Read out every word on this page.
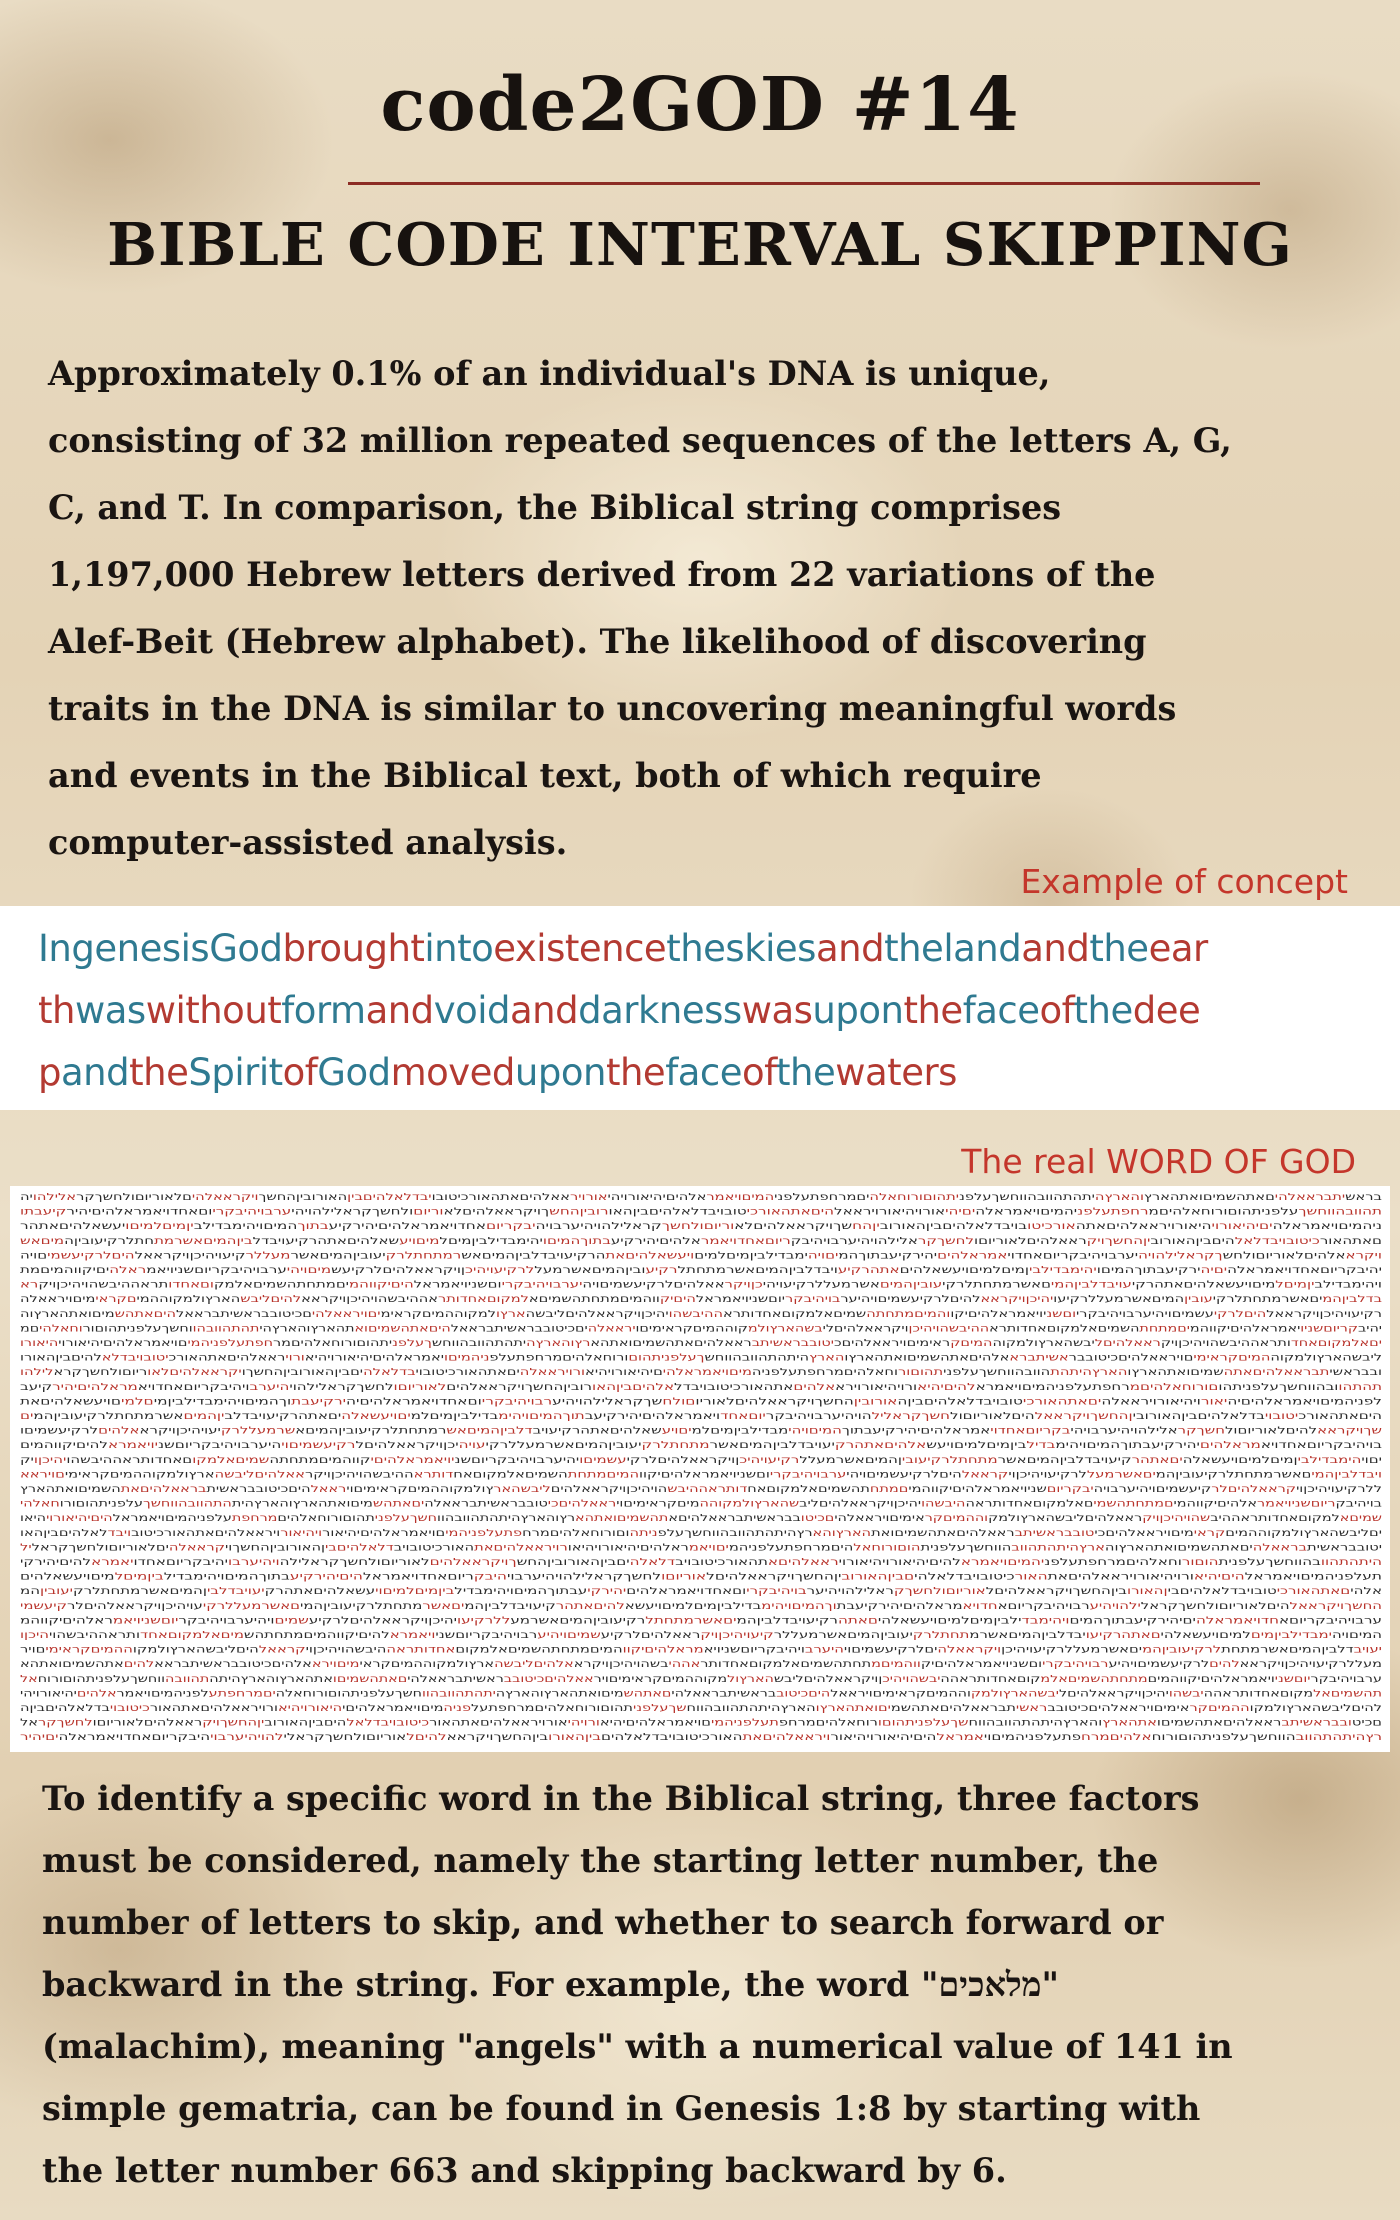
code2GOD #14
BIBLE CODE INTERVAL SKIPPING

Approximately 0.1% of an individual's DNA is unique,
consisting of 32 million repeated sequences of the letters A, G,
C, and T. In comparison, the Biblical string comprises
1,197,000 Hebrew letters derived from 22 variations of the
Alef-Beit (Hebrew alphabet). The likelihood of discovering
traits in the DNA is similar to uncovering meaningful words
and events in the Biblical text, both of which require
computer-assisted analysis.

Example of concept

IngenesisGodbroughtintoexistencetheskiesandthelandandtheear
thwaswithoutformandvoidanddarknesswasuponthefaceofthedee
pandtheSpiritofGodmoveduponthefaceofthewaters

The real WORD OF GOD

בראשיתבראאלהיםאתהשמיםואתהארץוהארץהיתהתהוובהווחשךעלפניתהוםורוחאלהיםמרחפתעלפניהמיםויאמראלהיםיהיאורויהיאורויראאלהיםאתהאורכיטובויבדלאלהיםביןהאורוביןהחשךויקראאלהיםלאוריוםולחשךקראלילהויה
תהוובהווחשךעלפניתהוםורוחאלהיםמרחפתעלפניהמיםויאמראלהיםיהיאורויהיאורויראאלהיםאתהאורכיטובויבדלאלהיםביןהאורוביןהחשךויקראאלהיםלאוריוםולחשךקראלילהויהיערבויהיבקריוםאחדויאמראלהיםיהירקיעבתו
ניהמיםויאמראלהיםיהיאורויהיאורויראאלהיםאתהאורכיטובויבדלאלהיםביןהאורוביןהחשךויקראאלהיםלאוריוםולחשךקראלילהויהיערבויהיבקריוםאחדויאמראלהיםיהירקיעבתוךהמיםויהימבדילביןמיםלמיםויעשאלהיםאתהר
םאתהאורכיטובויבדלאלהיםביןהאורוביןהחשךויקראאלהיםלאוריוםולחשךקראלילהויהיערבויהיבקריוםאחדויאמראלהיםיהירקיעבתוךהמיםויהימבדילביןמיםלמיםויעשאלהיםאתהרקיעויבדלביןהמיםאשרמתחתלרקיעוביןהמיםאש
ויקראאלהיםלאוריוםולחשךקראלילהויהיערבויהיבקריוםאחדויאמראלהיםיהירקיעבתוךהמיםויהימבדילביןמיםלמיםויעשאלהיםאתהרקיעויבדלביןהמיםאשרמתחתלרקיעוביןהמיםאשרמעללרקיעויהיכןויקראאלהיםלרקיעשמיםויה
יהיבקריוםאחדויאמראלהיםיהירקיעבתוךהמיםויהימבדילביןמיםלמיםויעשאלהיםאתהרקיעויבדלביןהמיםאשרמתחתלרקיעוביןהמיםאשרמעללרקיעויהיכןויקראאלהיםלרקיעשמיםויהיערבויהיבקריוםשניויאמראלהיםיקווהמיםמת
ויהימבדילביןמיםלמיםויעשאלהיםאתהרקיעויבדלביןהמיםאשרמתחתלרקיעוביןהמיםאשרמעללרקיעויהיכןויקראאלהיםלרקיעשמיםויהיערבויהיבקריוםשניויאמראלהיםיקווהמיםמתחתהשמיםאלמקוםאחדותראההיבשהויהיכןויקרא
בדלביןהמיםאשרמתחתלרקיעוביןהמיםאשרמעללרקיעויהיכןויקראאלהיםלרקיעשמיםויהיערבויהיבקריוםשניויאמראלהיםיקווהמיםמתחתהשמיםאלמקוםאחדותראההיבשהויהיכןויקראאלהיםליבשהארץולמקוההמיםקראימיםויראאלה
רקיעויהיכןויקראאלהיםלרקיעשמיםויהיערבויהיבקריוםשניויאמראלהיםיקווהמיםמתחתהשמיםאלמקוםאחדותראההיבשהויהיכןויקראאלהיםליבשהארץולמקוההמיםקראימיםויראאלהיםכיטובבראשיתבראאלהיםאתהשמיםואתהארץוה
יהיבקריוםשניויאמראלהיםיקווהמיםמתחתהשמיםאלמקוםאחדותראההיבשהויהיכןויקראאלהיםליבשהארץולמקוההמיםקראימיםויראאלהיםכיטובבראשיתבראאלהיםאתהשמיםואתהארץוהארץהיתהתהוובהווחשךעלפניתהוםורוחאלהיםמ
יםאלמקוםאחדותראההיבשהויהיכןויקראאלהיםליבשהארץולמקוההמיםקראימיםויראאלהיםכיטובבראשיתבראאלהיםאתהשמיםואתהארץוהארץהיתהתהוובהווחשךעלפניתהוםורוחאלהיםמרחפתעלפניהמיםויאמראלהיםיהיאורויהיאורו
ליבשהארץולמקוההמיםקראימיםויראאלהיםכיטובבראשיתבראאלהיםאתהשמיםואתהארץוהארץהיתהתהוובהווחשךעלפניתהוםורוחאלהיםמרחפתעלפניהמיםויאמראלהיםיהיאורויהיאורויראאלהיםאתהאורכיטובויבדלאלהיםביןהאורו
ובבראשיתבראאלהיםאתהשמיםואתהארץוהארץהיתהתהוובהווחשךעלפניתהוםורוחאלהיםמרחפתעלפניהמיםויאמראלהיםיהיאורויהיאורויראאלהיםאתהאורכיטובויבדלאלהיםביןהאורוביןהחשךויקראאלהיםלאוריוםולחשךקראלילהו
תהתהוובהווחשךעלפניתהוםורוחאלהיםמרחפתעלפניהמיםויאמראלהיםיהיאורויהיאורויראאלהיםאתהאורכיטובויבדלאלהיםביןהאורוביןהחשךויקראאלהיםלאוריוםולחשךקראלילהויהיערבויהיבקריוםאחדויאמראלהיםיהירקיעב
לפניהמיםויאמראלהיםיהיאורויהיאורויראאלהיםאתהאורכיטובויבדלאלהיםביןהאורוביןהחשךויקראאלהיםלאוריוםולחשךקראלילהויהיערבויהיבקריוםאחדויאמראלהיםיהירקיעבתוךהמיםויהימבדילביןמיםלמיםויעשאלהיםאת
היםאתהאורכיטובויבדלאלהיםביןהאורוביןהחשךויקראאלהיםלאוריוםולחשךקראלילהויהיערבויהיבקריוםאחדויאמראלהיםיהירקיעבתוךהמיםויהימבדילביןמיםלמיםויעשאלהיםאתהרקיעויבדלביןהמיםאשרמתחתלרקיעוביןהמים
שךויקראאלהיםלאוריוםולחשךקראלילהויהיערבויהיבקריוםאחדויאמראלהיםיהירקיעבתוךהמיםויהימבדילביןמיםלמיםויעשאלהיםאתהרקיעויבדלביןהמיםאשרמתחתלרקיעוביןהמיםאשרמעללרקיעויהיכןויקראאלהיםלרקיעשמיםו
בויהיבקריוםאחדויאמראלהיםיהירקיעבתוךהמיםויהימבדילביןמיםלמיםויעשאלהיםאתהרקיעויבדלביןהמיםאשרמתחתלרקיעוביןהמיםאשרמעללרקיעויהיכןויקראאלהיםלרקיעשמיםויהיערבויהיבקריוםשניויאמראלהיםיקווהמים
יםויהימבדילביןמיםלמיםויעשאלהיםאתהרקיעויבדלביןהמיםאשרמתחתלרקיעוביןהמיםאשרמעללרקיעויהיכןויקראאלהיםלרקיעשמיםויהיערבויהיבקריוםשניויאמראלהיםיקווהמיםמתחתהשמיםאלמקוםאחדותראההיבשהויהיכןויק
ויבדלביןהמיםאשרמתחתלרקיעוביןהמיםאשרמעללרקיעויהיכןויקראאלהיםלרקיעשמיםויהיערבויהיבקריוםשניויאמראלהיםיקווהמיםמתחתהשמיםאלמקוםאחדותראההיבשהויהיכןויקראאלהיםליבשהארץולמקוההמיםקראימיםויראא
ללרקיעויהיכןויקראאלהיםלרקיעשמיםויהיערבויהיבקריוםשניויאמראלהיםיקווהמיםמתחתהשמיםאלמקוםאחדותראההיבשהויהיכןויקראאלהיםליבשהארץולמקוההמיםקראימיםויראאלהיםכיטובבראשיתבראאלהיםאתהשמיםואתהארץ
בויהיבקריוםשניויאמראלהיםיקווהמיםמתחתהשמיםאלמקוםאחדותראההיבשהויהיכןויקראאלהיםליבשהארץולמקוההמיםקראימיםויראאלהיםכיטובבראשיתבראאלהיםאתהשמיםואתהארץוהארץהיתהתהוובהווחשךעלפניתהוםורוחאלהי
שמיםאלמקוםאחדותראההיבשהויהיכןויקראאלהיםליבשהארץולמקוההמיםקראימיםויראאלהיםכיטובבראשיתבראאלהיםאתהשמיםואתהארץוהארץהיתהתהוובהווחשךעלפניתהוםורוחאלהיםמרחפתעלפניהמיםויאמראלהיםיהיאורויהיאו
יםליבשהארץולמקוההמיםקראימיםויראאלהיםכיטובבראשיתבראאלהיםאתהשמיםואתהארץוהארץהיתהתהוובהווחשךעלפניתהוםורוחאלהיםמרחפתעלפניהמיםויאמראלהיםיהיאורויהיאורויראאלהיםאתהאורכיטובויבדלאלהיםביןהאו
יטובבראשיתבראאלהיםאתהשמיםואתהארץוהארץהיתהתהוובהווחשךעלפניתהוםורוחאלהיםמרחפתעלפניהמיםויאמראלהיםיהיאורויהיאורויראאלהיםאתהאורכיטובויבדלאלהיםביןהאורוביןהחשךויקראאלהיםלאוריוםולחשךקראליל
היתהתהוובהווחשךעלפניתהוםורוחאלהיםמרחפתעלפניהמיםויאמראלהיםיהיאורויהיאורויראאלהיםאתהאורכיטובויבדלאלהיםביןהאורוביןהחשךויקראאלהיםלאוריוםולחשךקראלילהויהיערבויהיבקריוםאחדויאמראלהיםיהירקי
תעלפניהמיםויאמראלהיםיהיאורויהיאורויראאלהיםאתהאורכיטובויבדלאלהיםביןהאורוביןהחשךויקראאלהיםלאוריוםולחשךקראלילהויהיערבויהיבקריוםאחדויאמראלהיםיהירקיעבתוךהמיםויהימבדילביןמיםלמיםויעשאלהים
אלהיםאתהאורכיטובויבדלאלהיםביןהאורוביןהחשךויקראאלהיםלאוריוםולחשךקראלילהויהיערבויהיבקריוםאחדויאמראלהיםיהירקיעבתוךהמיםויהימבדילביןמיםלמיםויעשאלהיםאתהרקיעויבדלביןהמיםאשרמתחתלרקיעוביןהמ
החשךויקראאלהיםלאוריוםולחשךקראלילהויהיערבויהיבקריוםאחדויאמראלהיםיהירקיעבתוךהמיםויהימבדילביןמיםלמיםויעשאלהיםאתהרקיעויבדלביןהמיםאשרמתחתלרקיעוביןהמיםאשרמעללרקיעויהיכןויקראאלהיםלרקיעשמי
ערבויהיבקריוםאחדויאמראלהיםיהירקיעבתוךהמיםויהימבדילביןמיםלמיםויעשאלהיםאתהרקיעויבדלביןהמיםאשרמתחתלרקיעוביןהמיםאשרמעללרקיעויהיכןויקראאלהיםלרקיעשמיםויהיערבויהיבקריוםשניויאמראלהיםיקווהמ
המיםויהימבדילביןמיםלמיםויעשאלהיםאתהרקיעויבדלביןהמיםאשרמתחתלרקיעוביןהמיםאשרמעללרקיעויהיכןויקראאלהיםלרקיעשמיםויהיערבויהיבקריוםשניויאמראלהיםיקווהמיםמתחתהשמיםאלמקוםאחדותראההיבשהויהיכןו
יעויבדלביןהמיםאשרמתחתלרקיעוביןהמיםאשרמעללרקיעויהיכןויקראאלהיםלרקיעשמיםויהיערבויהיבקריוםשניויאמראלהיםיקווהמיםמתחתהשמיםאלמקוםאחדותראההיבשהויהיכןויקראאלהיםליבשהארץולמקוההמיםקראימיםויר
מעללרקיעויהיכןויקראאלהיםלרקיעשמיםויהיערבויהיבקריוםשניויאמראלהיםיקווהמיםמתחתהשמיםאלמקוםאחדותראההיבשהויהיכןויקראאלהיםליבשהארץולמקוההמיםקראימיםויראאלהיםכיטובבראשיתבראאלהיםאתהשמיםואתהא
ערבויהיבקריוםשניויאמראלהיםיקווהמיםמתחתהשמיםאלמקוםאחדותראההיבשהויהיכןויקראאלהיםליבשהארץולמקוההמיםקראימיםויראאלהיםכיטובבראשיתבראאלהיםאתהשמיםואתהארץוהארץהיתהתהוובהווחשךעלפניתהוםורוחאל
תהשמיםאלמקוםאחדותראההיבשהויהיכןויקראאלהיםליבשהארץולמקוההמיםקראימיםויראאלהיםכיטובבראשיתבראאלהיםאתהשמיםואתהארץוהארץהיתהתהוובהווחשךעלפניתהוםורוחאלהיםמרחפתעלפניהמיםויאמראלהיםיהיאורויהי
להיםליבשהארץולמקוההמיםקראימיםויראאלהיםכיטובבראשיתבראאלהיםאתהשמיםואתהארץוהארץהיתהתהוובהווחשךעלפניתהוםורוחאלהיםמרחפתעלפניהמיםויאמראלהיםיהיאורויהיאורויראאלהיםאתהאורכיטובויבדלאלהיםביןה
םכיטובבראשיתבראאלהיםאתהשמיםואתהארץוהארץהיתהתהוובהווחשךעלפניתהוםורוחאלהיםמרחפתעלפניהמיםויאמראלהיםיהיאורויהיאורויראאלהיםאתהאורכיטובויבדלאלהיםביןהאורוביןהחשךויקראאלהיםלאוריוםולחשךקראל
רץהיתהתהוובהווחשךעלפניתהוםורוחאלהיםמרחפתעלפניהמיםויאמראלהיםיהיאורויהיאורויראאלהיםאתהאורכיטובויבדלאלהיםביןהאורוביןהחשךויקראאלהיםלאוריוםולחשךקראלילהויהיערבויהיבקריוםאחדויאמראלהיםיהיר

To identify a specific word in the Biblical string, three factors
must be considered, namely the starting letter number, the
number of letters to skip, and whether to search forward or
backward in the string. For example, the word "מלאכים"
(malachim), meaning "angels" with a numerical value of 141 in
simple gematria, can be found in Genesis 1:8 by starting with
the letter number 663 and skipping backward by 6.
